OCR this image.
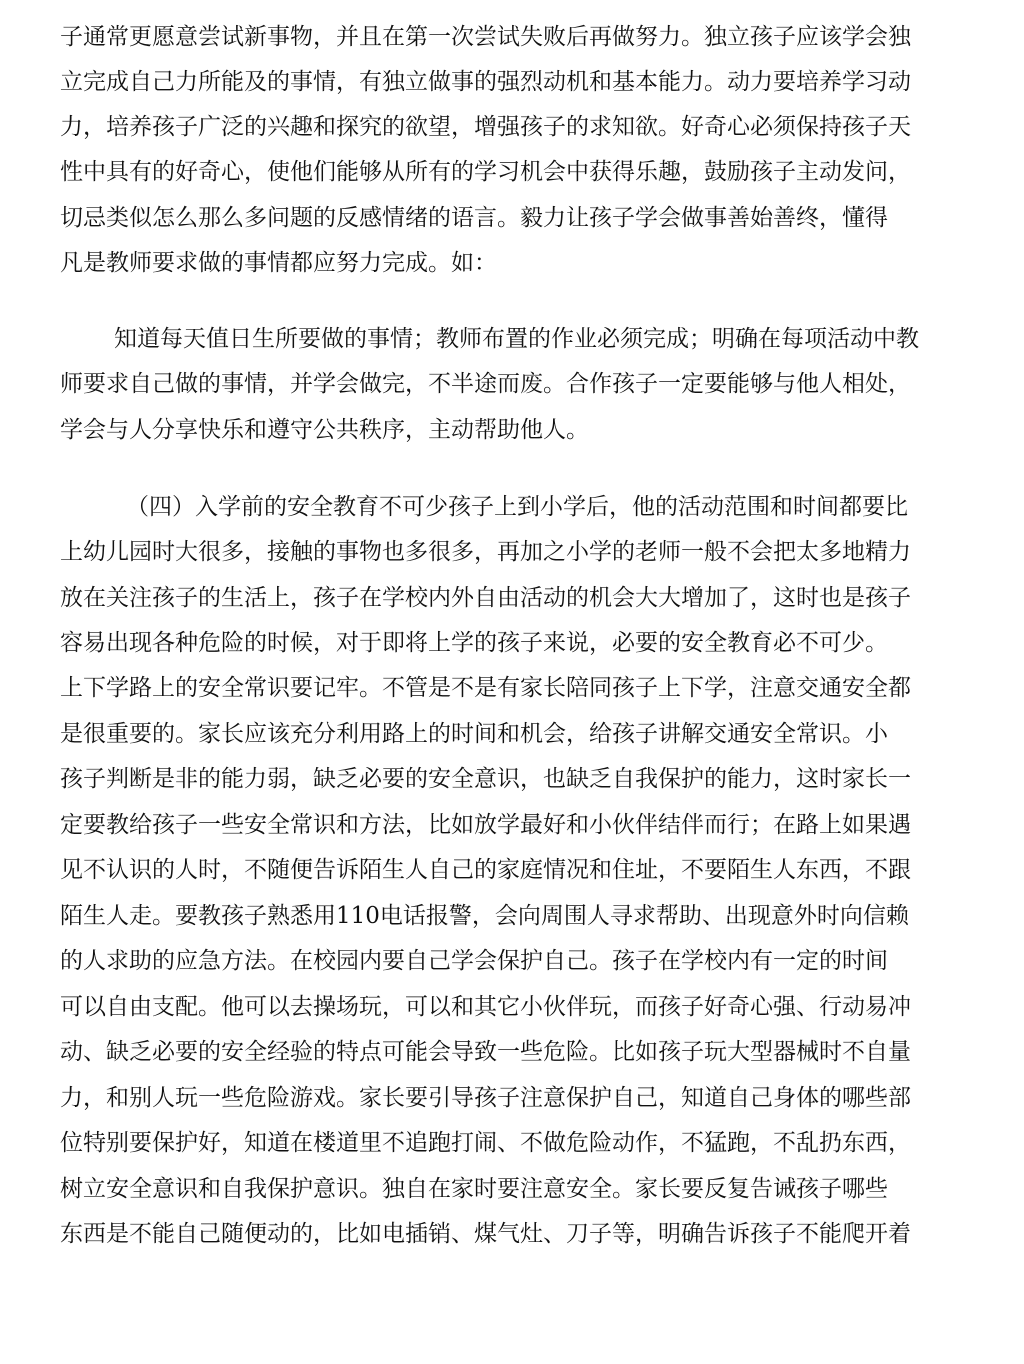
子通常更愿意尝试新事物，并且在第一次尝试失败后再做努力。独立孩子应该学会独
立完成自己力所能及的事情，有独立做事的强烈动机和基本能力。动力要培养学习动
力，培养孩子广泛的兴趣和探究的欲望，增强孩子的求知欲。好奇心必须保持孩子天
性中具有的好奇心，使他们能够从所有的学习机会中获得乐趣，鼓励孩子主动发问，
切忌类似怎么那么多问题的反感情绪的语言。毅力让孩子学会做事善始善终，懂得
凡是教师要求做的事情都应努力完成。如：
知道每天值日生所要做的事情；教师布置的作业必须完成；明确在每项活动中教
师要求自己做的事情，并学会做完，不半途而废。合作孩子一定要能够与他人相处，
学会与人分享快乐和遵守公共秩序，主动帮助他人。
（四）入学前的安全教育不可少孩子上到小学后，他的活动范围和时间都要比
上幼儿园时大很多，接触的事物也多很多，再加之小学的老师一般不会把太多地精力
放在关注孩子的生活上，孩子在学校内外自由活动的机会大大增加了，这时也是孩子
容易出现各种危险的时候，对于即将上学的孩子来说，必要的安全教育必不可少。
上下学路上的安全常识要记牢。不管是不是有家长陪同孩子上下学，注意交通安全都
是很重要的。家长应该充分利用路上的时间和机会，给孩子讲解交通安全常识。小
孩子判断是非的能力弱，缺乏必要的安全意识，也缺乏自我保护的能力，这时家长一
定要教给孩子一些安全常识和方法，比如放学最好和小伙伴结伴而行；在路上如果遇
见不认识的人时，不随便告诉陌生人自己的家庭情况和住址，不要陌生人东西，不跟
陌生人走。要教孩子熟悉用110电话报警，会向周围人寻求帮助、出现意外时向信赖
的人求助的应急方法。在校园内要自己学会保护自己。孩子在学校内有一定的时间
可以自由支配。他可以去操场玩，可以和其它小伙伴玩，而孩子好奇心强、行动易冲
动、缺乏必要的安全经验的特点可能会导致一些危险。比如孩子玩大型器械时不自量
力，和别人玩一些危险游戏。家长要引导孩子注意保护自己，知道自己身体的哪些部
位特别要保护好，知道在楼道里不追跑打闹、不做危险动作，不猛跑，不乱扔东西，
树立安全意识和自我保护意识。独自在家时要注意安全。家长要反复告诫孩子哪些
东西是不能自己随便动的，比如电插销、煤气灶、刀子等，明确告诉孩子不能爬开着
